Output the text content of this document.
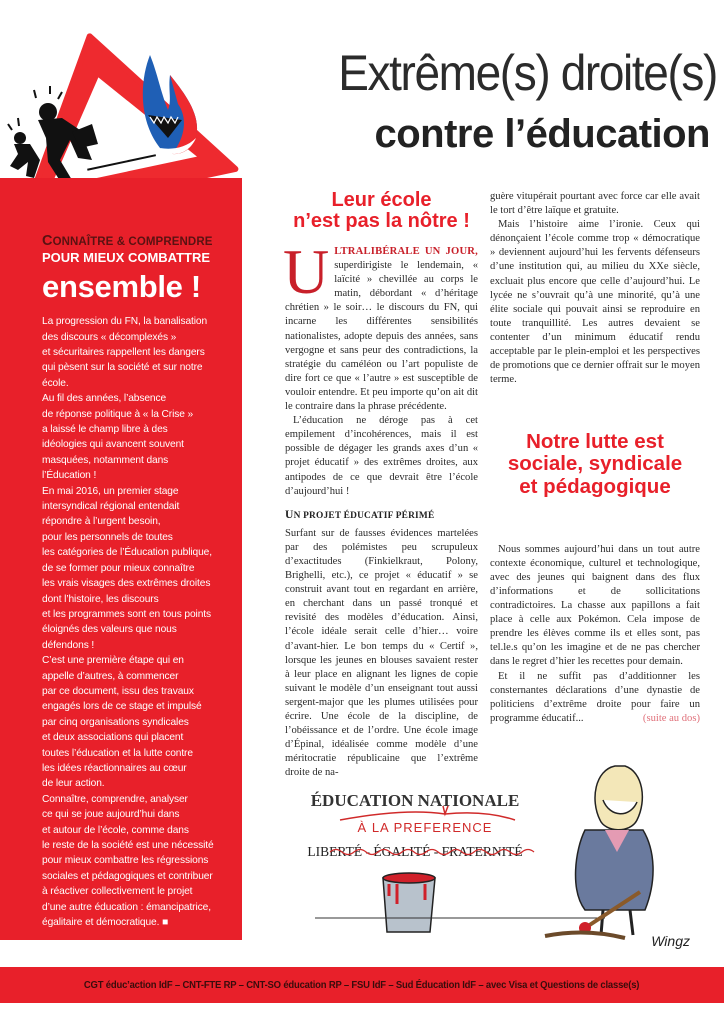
Extrême(s) droite(s)
contre l’éducation
CONNAÎTRE & COMPRENDRE
POUR MIEUX COMBATTRE
ensemble !

La progression du FN, la banalisation
des discours « décomplexés »
et sécuritaires rappellent les dangers
qui pèsent sur la société et sur notre
école.

Au fil des années, l’absence
de réponse politique à « la Crise »
a laissé le champ libre à des
idéologies qui avancent souvent
masquées, notamment dans
l’Éducation !

En mai 2016, un premier stage
intersyndical régional entendait
répondre à l’urgent besoin,
pour les personnels de toutes
les catégories de l’Éducation publique,
de se former pour mieux connaître
les vrais visages des extrêmes droites
dont l’histoire, les discours
et les programmes sont en tous points
éloignés des valeurs que nous
défendons !

C’est une première étape qui en
appelle d’autres, à commencer
par ce document, issu des travaux
engagés lors de ce stage et impulsé
par cinq organisations syndicales
et deux associations qui placent
toutes l’éducation et la lutte contre
les idées réactionnaires au cœur
de leur action.

Connaître, comprendre, analyser
ce qui se joue aujourd’hui dans
et autour de l’école, comme dans
le reste de la société est une nécessité
pour mieux combattre les régressions
sociales et pédagogiques et contribuer
à réactiver collectivement le projet
d’une autre éducation : émancipatrice,
égalitaire et démocratique. ■

Leur école
n’est pas la nôtre !

ULTRALIBÉRALE UN JOUR, superdirigiste le lendemain, « laïcité » chevillée au corps le matin, débordant « d’héritage chrétien » le soir… le discours du FN, qui incarne les différentes sensibilités nationalistes, adopte depuis des années, sans vergogne et sans peur des contradictions, la stratégie du caméléon ou l’art populiste de dire fort ce que « l’autre » est susceptible de vouloir entendre. Et peu importe qu’on ait dit le contraire dans la phrase précédente.

L’éducation ne déroge pas à cet empilement d’incohérences, mais il est possible de dégager les grands axes d’un « projet éducatif » des extrêmes droites, aux antipodes de ce que devrait être l’école d’aujourd’hui !

UN PROJET ÉDUCATIF PÉRIMÉ

Surfant sur de fausses évidences martelées par des polémistes peu scrupuleux d’exactitudes (Finkielkraut, Polony, Brighelli, etc.), ce projet « éducatif » se construit avant tout en regardant en arrière, en cherchant dans un passé tronqué et revisité des modèles d’éducation. Ainsi, l’école idéale serait celle d’hier… voire d’avant-hier. Le bon temps du « Certif », lorsque les jeunes en blouses savaient rester à leur place en alignant les lignes de copie suivant le modèle d’un enseignant tout aussi sergent-major que les plumes utilisées pour écrire. Une école de la discipline, de l’obéissance et de l’ordre. Une école image d’Épinal, idéalisée comme modèle d’une méritocratie républicaine que l’extrême droite de na-

guère vitupérait pourtant avec force car elle avait le tort d’être laïque et gratuite.

Mais l’histoire aime l’ironie. Ceux qui dénonçaient l’école comme trop « démocratique » deviennent aujourd’hui les fervents défenseurs d’une institution qui, au milieu du XXe siècle, excluait plus encore que celle d’aujourd’hui. Le lycée ne s’ouvrait qu’à une minorité, qu’à une élite sociale qui pouvait ainsi se reproduire en toute tranquillité. Les autres devaient se contenter d’un minimum éducatif rendu acceptable par le plein-emploi et les perspectives de promotions que ce dernier offrait sur le moyen terme.

Notre lutte est
sociale, syndicale
et pédagogique

Nous sommes aujourd’hui dans un tout autre contexte économique, culturel et technologique, avec des jeunes qui baignent dans des flux d’informations et de sollicitations contradictoires. La chasse aux papillons a fait place à celle aux Pokémon. Cela impose de prendre les élèves comme ils et elles sont, pas tel.le.s qu’on les imagine et de ne pas chercher dans le regret d’hier les recettes pour demain.

Et il ne suffit pas d’additionner les consternantes déclarations d’une dynastie de politiciens d’extrême droite pour faire un programme éducatif...	(suite au dos)

ÉDUCATION NATIONALE
À LA PREFERENCE
LIBERTÉ - ÉGALITÉ - FRATERNITÉ
Wingz
CGT éduc’action IdF – CNT-FTE RP – CNT-SO éducation RP – FSU IdF – Sud Éducation IdF – avec Visa et Questions de classe(s)
